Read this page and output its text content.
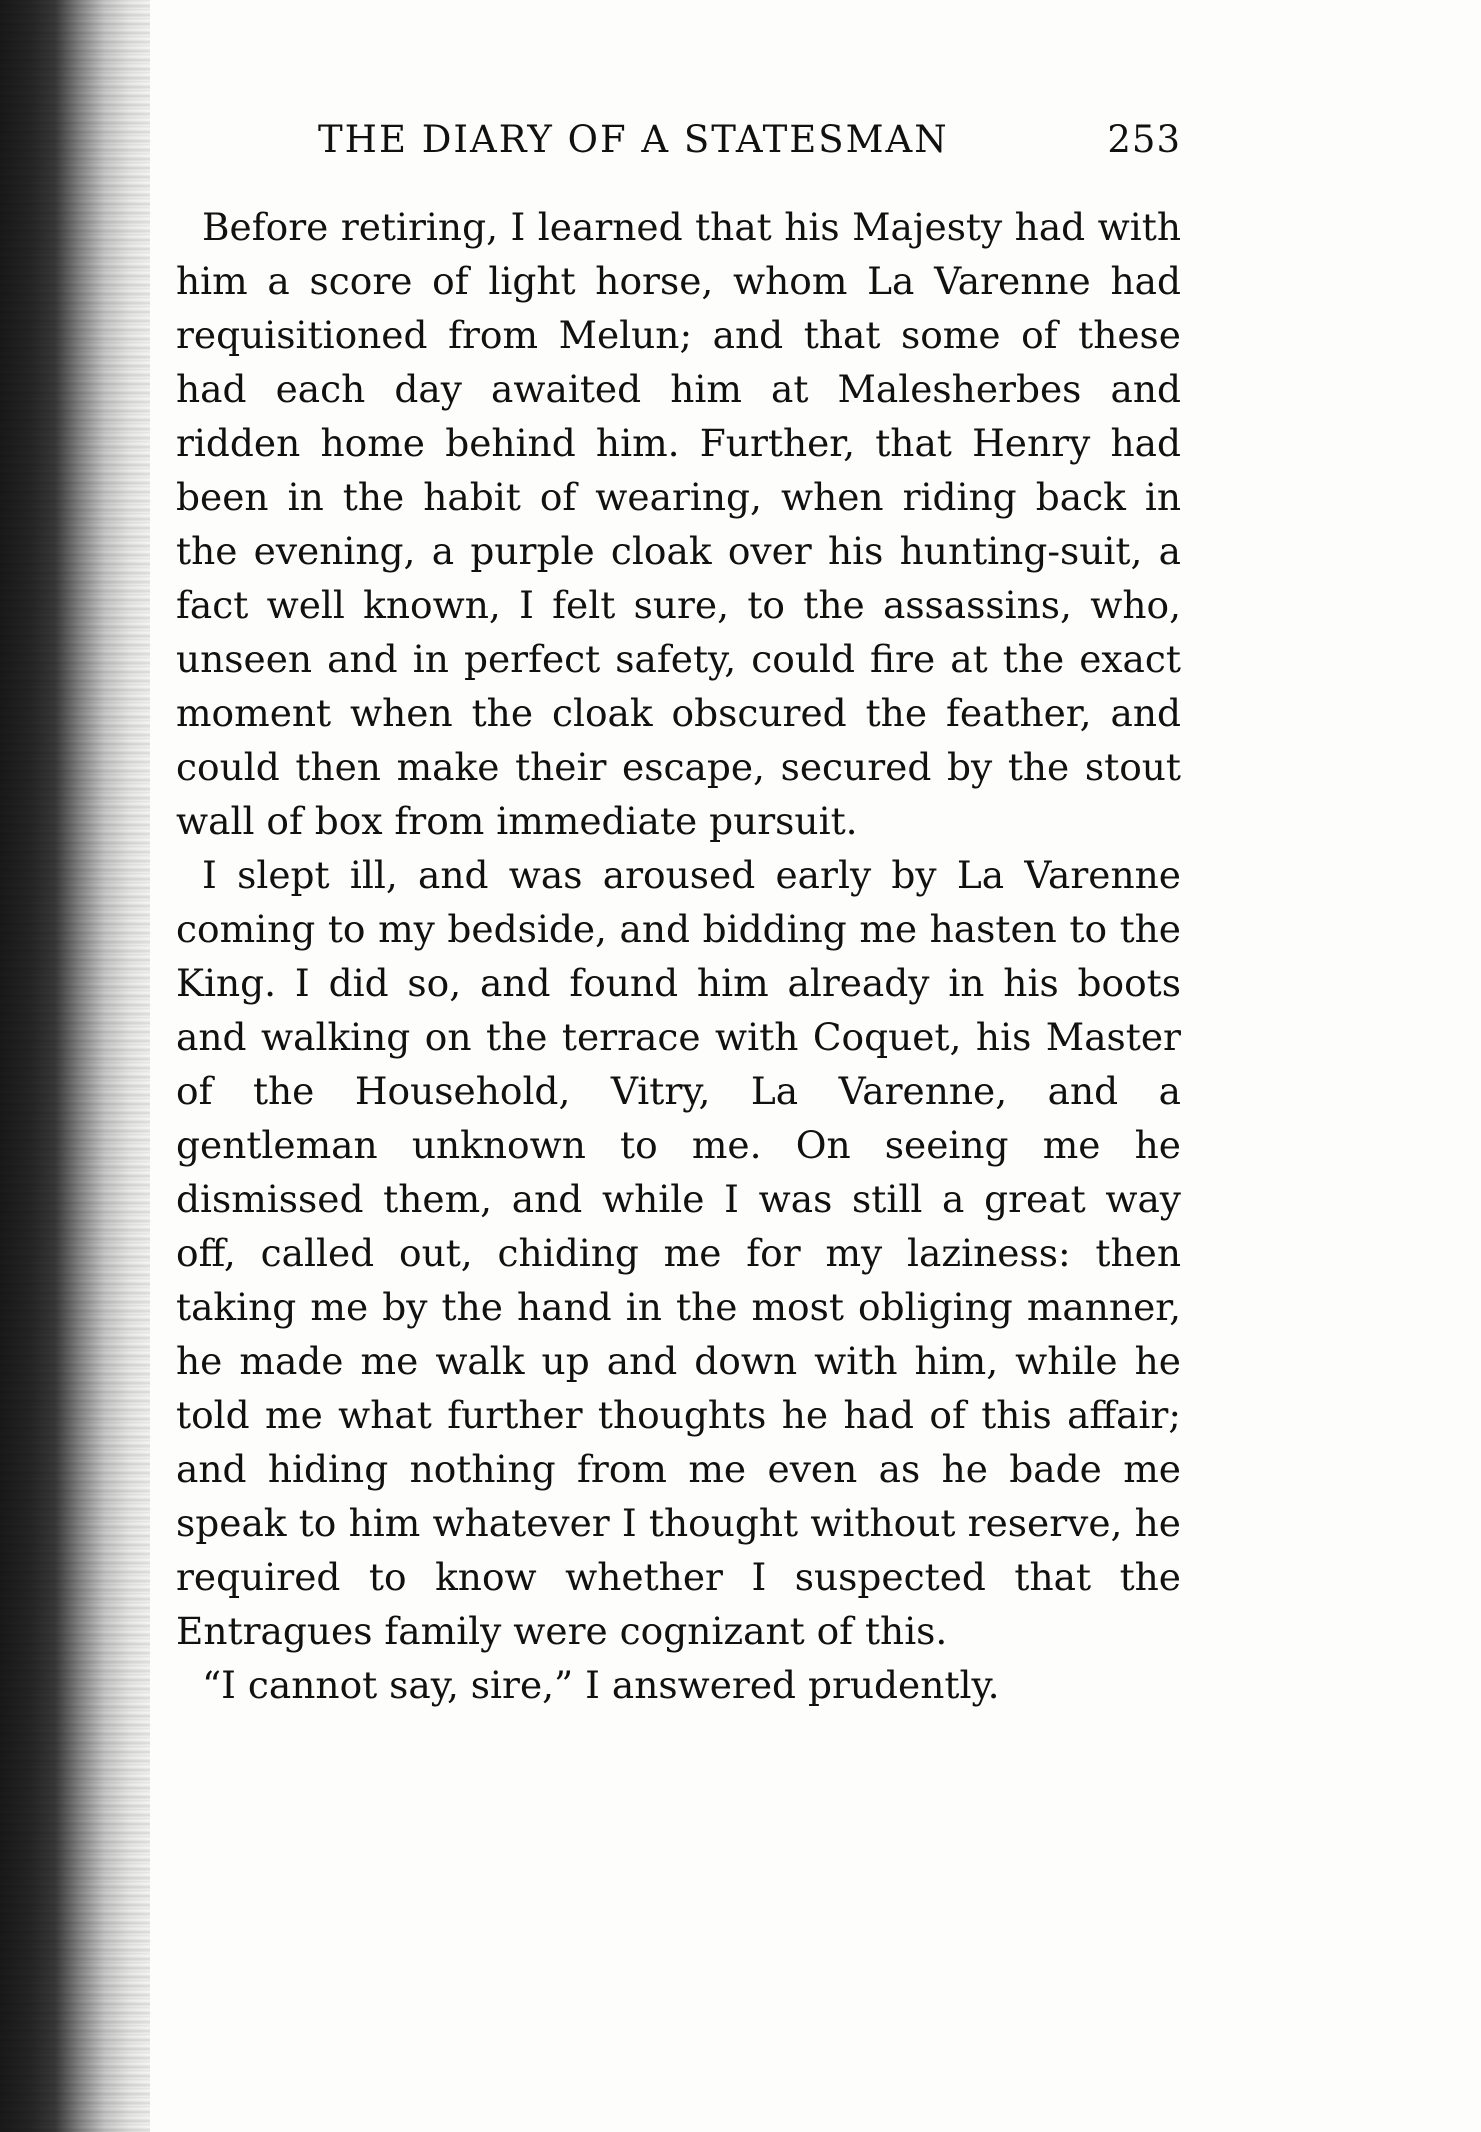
THE DIARY OF A STATESMAN	253

Before retiring, I learned that his Majesty had with him a score of light horse, whom La Varenne had requisitioned from Melun; and that some of these had each day awaited him at Malesherbes and ridden home behind him. Further, that Henry had been in the habit of wearing, when riding back in the evening, a purple cloak over his hunting-suit, a fact well known, I felt sure, to the assassins, who, unseen and in perfect safety, could fire at the exact moment when the cloak obscured the feather, and could then make their escape, secured by the stout wall of box from immediate pursuit.

I slept ill, and was aroused early by La Varenne coming to my bedside, and bidding me hasten to the King. I did so, and found him already in his boots and walking on the terrace with Coquet, his Master of the Household, Vitry, La Varenne, and a gentleman unknown to me. On seeing me he dismissed them, and while I was still a great way off, called out, chiding me for my laziness: then taking me by the hand in the most obliging manner, he made me walk up and down with him, while he told me what further thoughts he had of this affair; and hiding nothing from me even as he bade me speak to him whatever I thought without reserve, he required to know whether I suspected that the Entragues family were cognizant of this.

“I cannot say, sire,” I answered prudently.
